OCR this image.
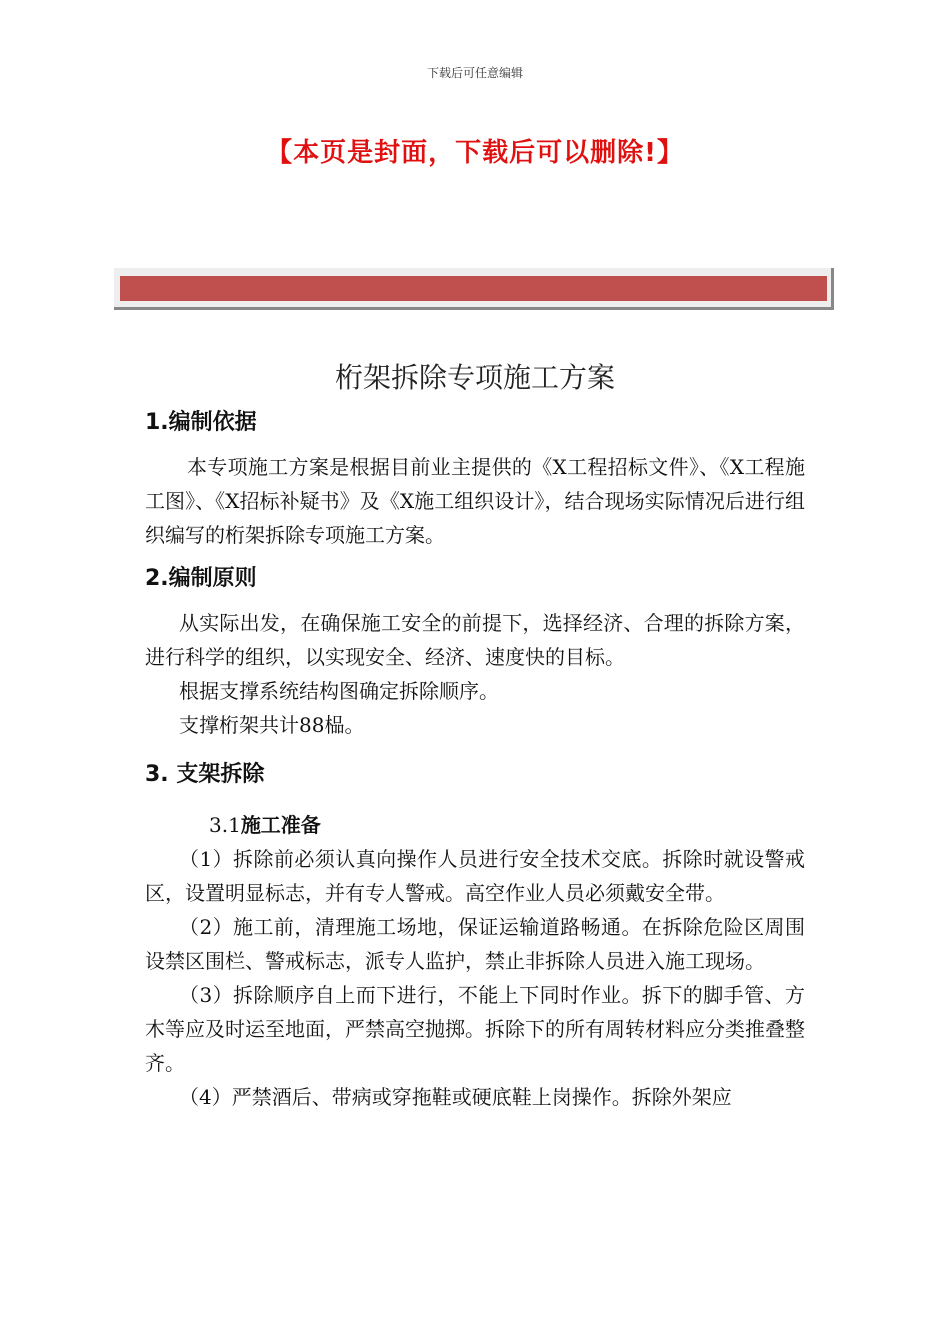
下载后可任意编辑
【本页是封面，下载后可以删除!】
桁架拆除专项施工方案
1.编制依据

本专项施工方案是根据目前业主提供的《X工程招标文件》、《X工程施工图》、《X招标补疑书》及《X施工组织设计》，结合现场实际情况后进行组织编写的桁架拆除专项施工方案。

2.编制原则

从实际出发，在确保施工安全的前提下，选择经济、合理的拆除方案，进行科学的组织，以实现安全、经济、速度快的目标。

根据支撑系统结构图确定拆除顺序。

支撑桁架共计88榀。

3. 支架拆除
3.1施工准备

（1）拆除前必须认真向操作人员进行安全技术交底。拆除时就设警戒区，设置明显标志，并有专人警戒。高空作业人员必须戴安全带。

（2）施工前，清理施工场地，保证运输道路畅通。在拆除危险区周围设禁区围栏、警戒标志，派专人监护，禁止非拆除人员进入施工现场。

（3）拆除顺序自上而下进行，不能上下同时作业。拆下的脚手管、方木等应及时运至地面，严禁高空抛掷。拆除下的所有周转材料应分类推叠整齐。

（4）严禁酒后、带病或穿拖鞋或硬底鞋上岗操作。拆除外架应
